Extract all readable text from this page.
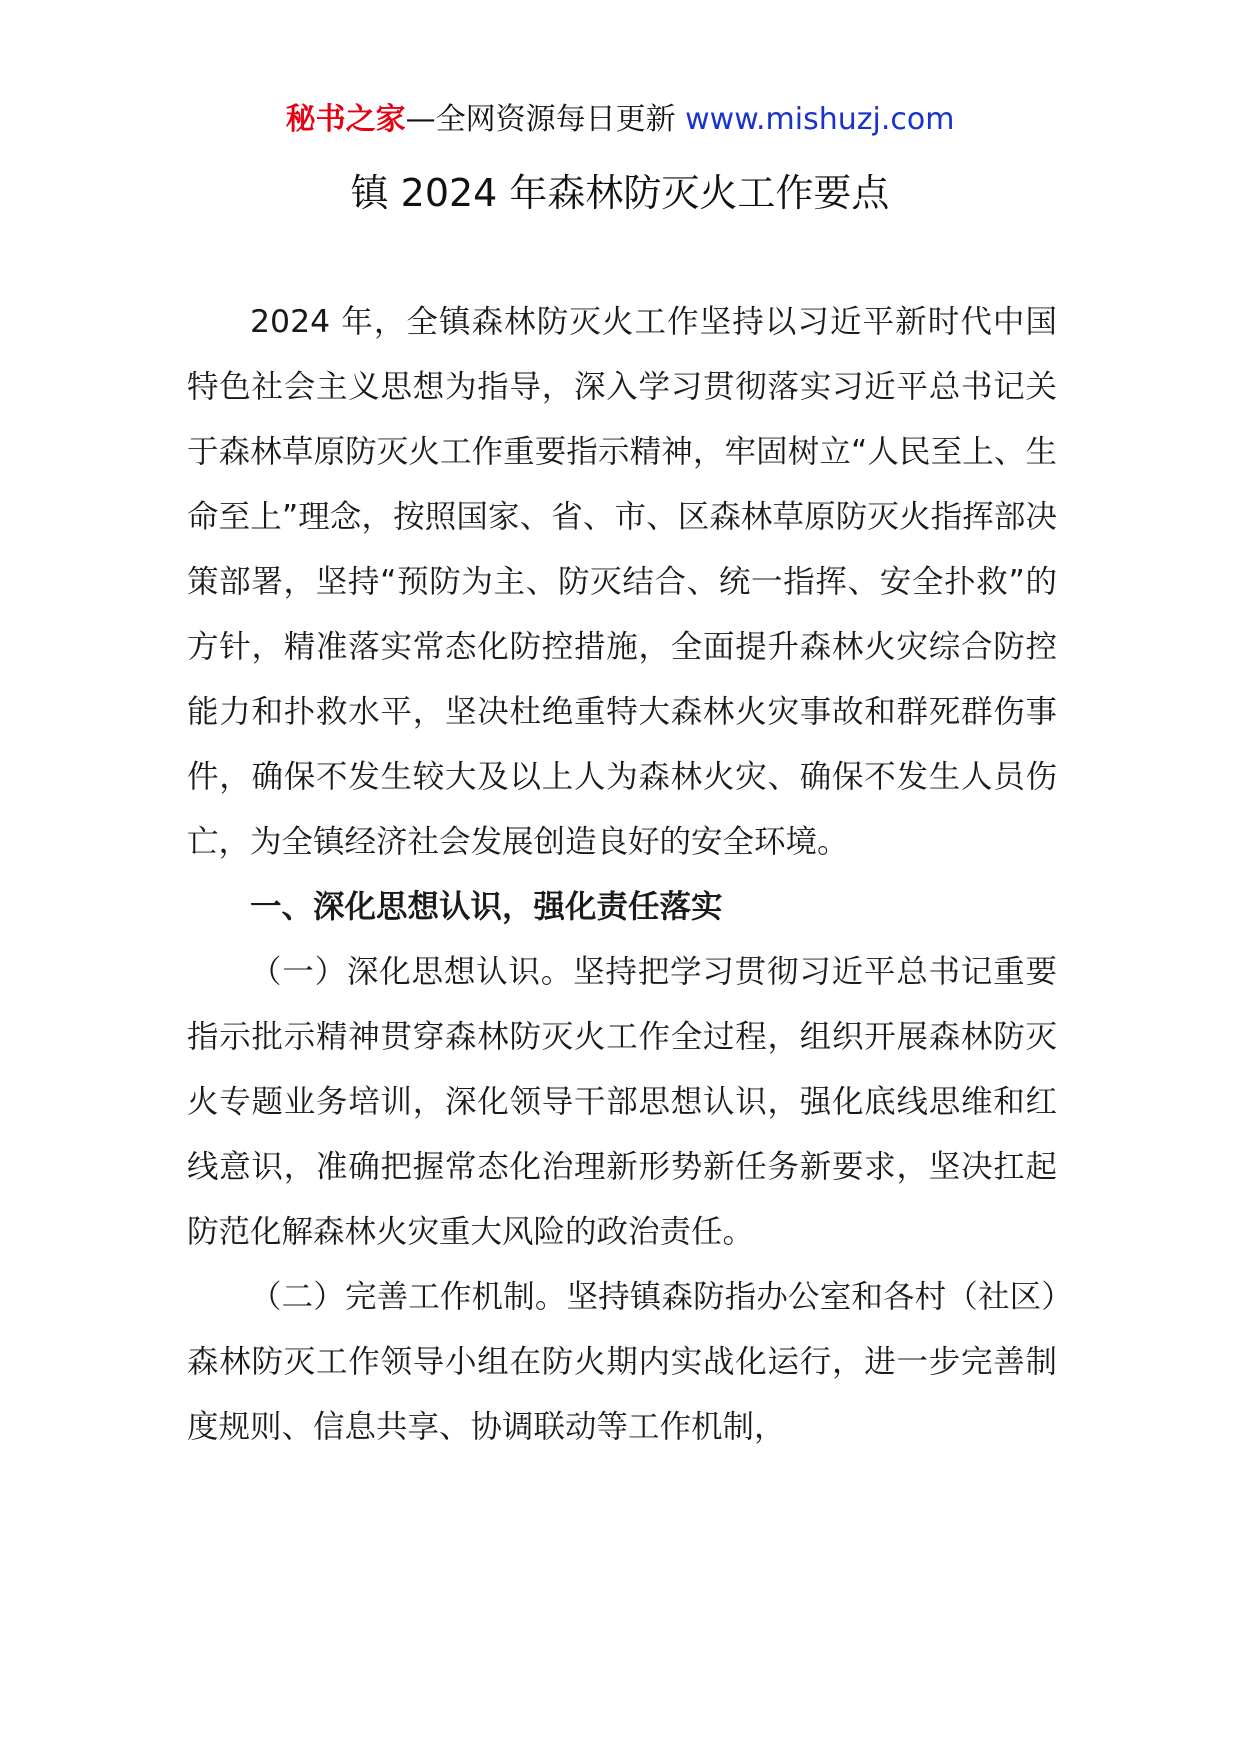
秘书之家—全网资源每日更新 www.mishuzj.com
镇 2024 年森林防灭火工作要点

2024 年，全镇森林防灭火工作坚持以习近平新时代中国特色社会主义思想为指导，深入学习贯彻落实习近平总书记关于森林草原防灭火工作重要指示精神，牢固树立“人民至上、生命至上”理念，按照国家、省、市、区森林草原防灭火指挥部决策部署，坚持“预防为主、防灭结合、统一指挥、安全扑救”的方针，精准落实常态化防控措施，全面提升森林火灾综合防控能力和扑救水平，坚决杜绝重特大森林火灾事故和群死群伤事件，确保不发生较大及以上人为森林火灾、确保不发生人员伤亡，为全镇经济社会发展创造良好的安全环境。

一、深化思想认识，强化责任落实

（一）深化思想认识。坚持把学习贯彻习近平总书记重要指示批示精神贯穿森林防灭火工作全过程，组织开展森林防灭火专题业务培训，深化领导干部思想认识，强化底线思维和红线意识，准确把握常态化治理新形势新任务新要求，坚决扛起防范化解森林火灾重大风险的政治责任。

（二）完善工作机制。坚持镇森防指办公室和各村（社区）森林防灭工作领导小组在防火期内实战化运行，进一步完善制度规则、信息共享、协调联动等工作机制，
